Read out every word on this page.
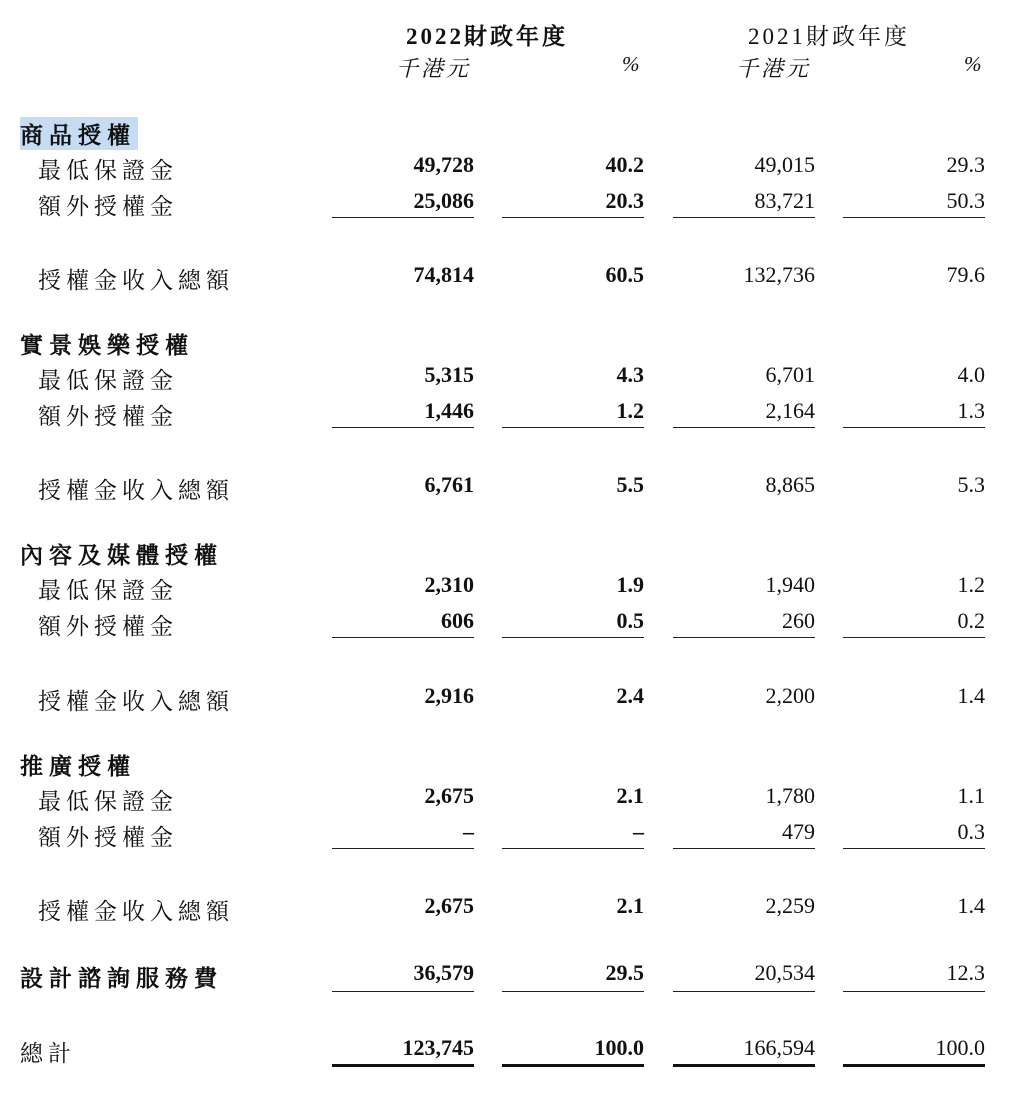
2022財政年度	2021財政年度
千港元	%	千港元	%
商品授權
最低保證金	49,728	40.2	49,015	29.3
額外授權金	25,086	20.3	83,721	50.3
授權金收入總額	74,814	60.5	132,736	79.6
實景娛樂授權
最低保證金	5,315	4.3	6,701	4.0
額外授權金	1,446	1.2	2,164	1.3
授權金收入總額	6,761	5.5	8,865	5.3
內容及媒體授權
最低保證金	2,310	1.9	1,940	1.2
額外授權金	606	0.5	260	0.2
授權金收入總額	2,916	2.4	2,200	1.4
推廣授權
最低保證金	2,675	2.1	1,780	1.1
額外授權金	–	–	479	0.3
授權金收入總額	2,675	2.1	2,259	1.4
設計諮詢服務費	36,579	29.5	20,534	12.3
總計	123,745	100.0	166,594	100.0
